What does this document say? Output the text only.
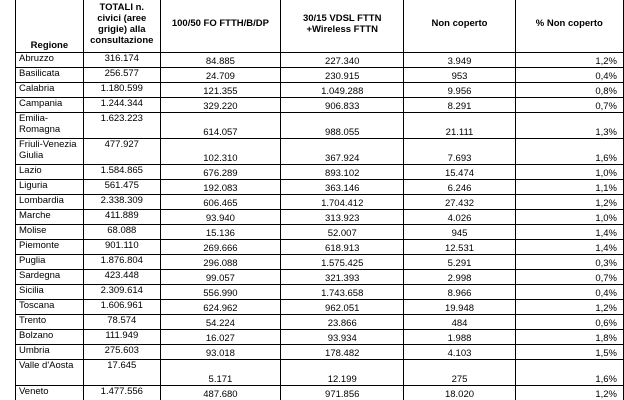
Regione	TOTALI n. civici (aree grigie) alla consultazione	100/50 FO FTTH/B/DP	30/15 VDSL FTTN +Wireless FTTN	Non coperto	% Non coperto
Abruzzo	316.174	84.885	227.340	3.949	1,2%
Basilicata	256.577	24.709	230.915	953	0,4%
Calabria	1.180.599	121.355	1.049.288	9.956	0,8%
Campania	1.244.344	329.220	906.833	8.291	0,7%
Emilia-Romagna	1.623.223	614.057	988.055	21.111	1,3%
Friuli-Venezia Giulia	477.927	102.310	367.924	7.693	1,6%
Lazio	1.584.865	676.289	893.102	15.474	1,0%
Liguria	561.475	192.083	363.146	6.246	1,1%
Lombardia	2.338.309	606.465	1.704.412	27.432	1,2%
Marche	411.889	93.940	313.923	4.026	1,0%
Molise	68.088	15.136	52.007	945	1,4%
Piemonte	901.110	269.666	618.913	12.531	1,4%
Puglia	1.876.804	296.088	1.575.425	5.291	0,3%
Sardegna	423.448	99.057	321.393	2.998	0,7%
Sicilia	2.309.614	556.990	1.743.658	8.966	0,4%
Toscana	1.606.961	624.962	962.051	19.948	1,2%
Trento	78.574	54.224	23.866	484	0,6%
Bolzano	111.949	16.027	93.934	1.988	1,8%
Umbria	275.603	93.018	178.482	4.103	1,5%
Valle d'Aosta	17.645	5.171	12.199	275	1,6%
Veneto	1.477.556	487.680	971.856	18.020	1,2%
